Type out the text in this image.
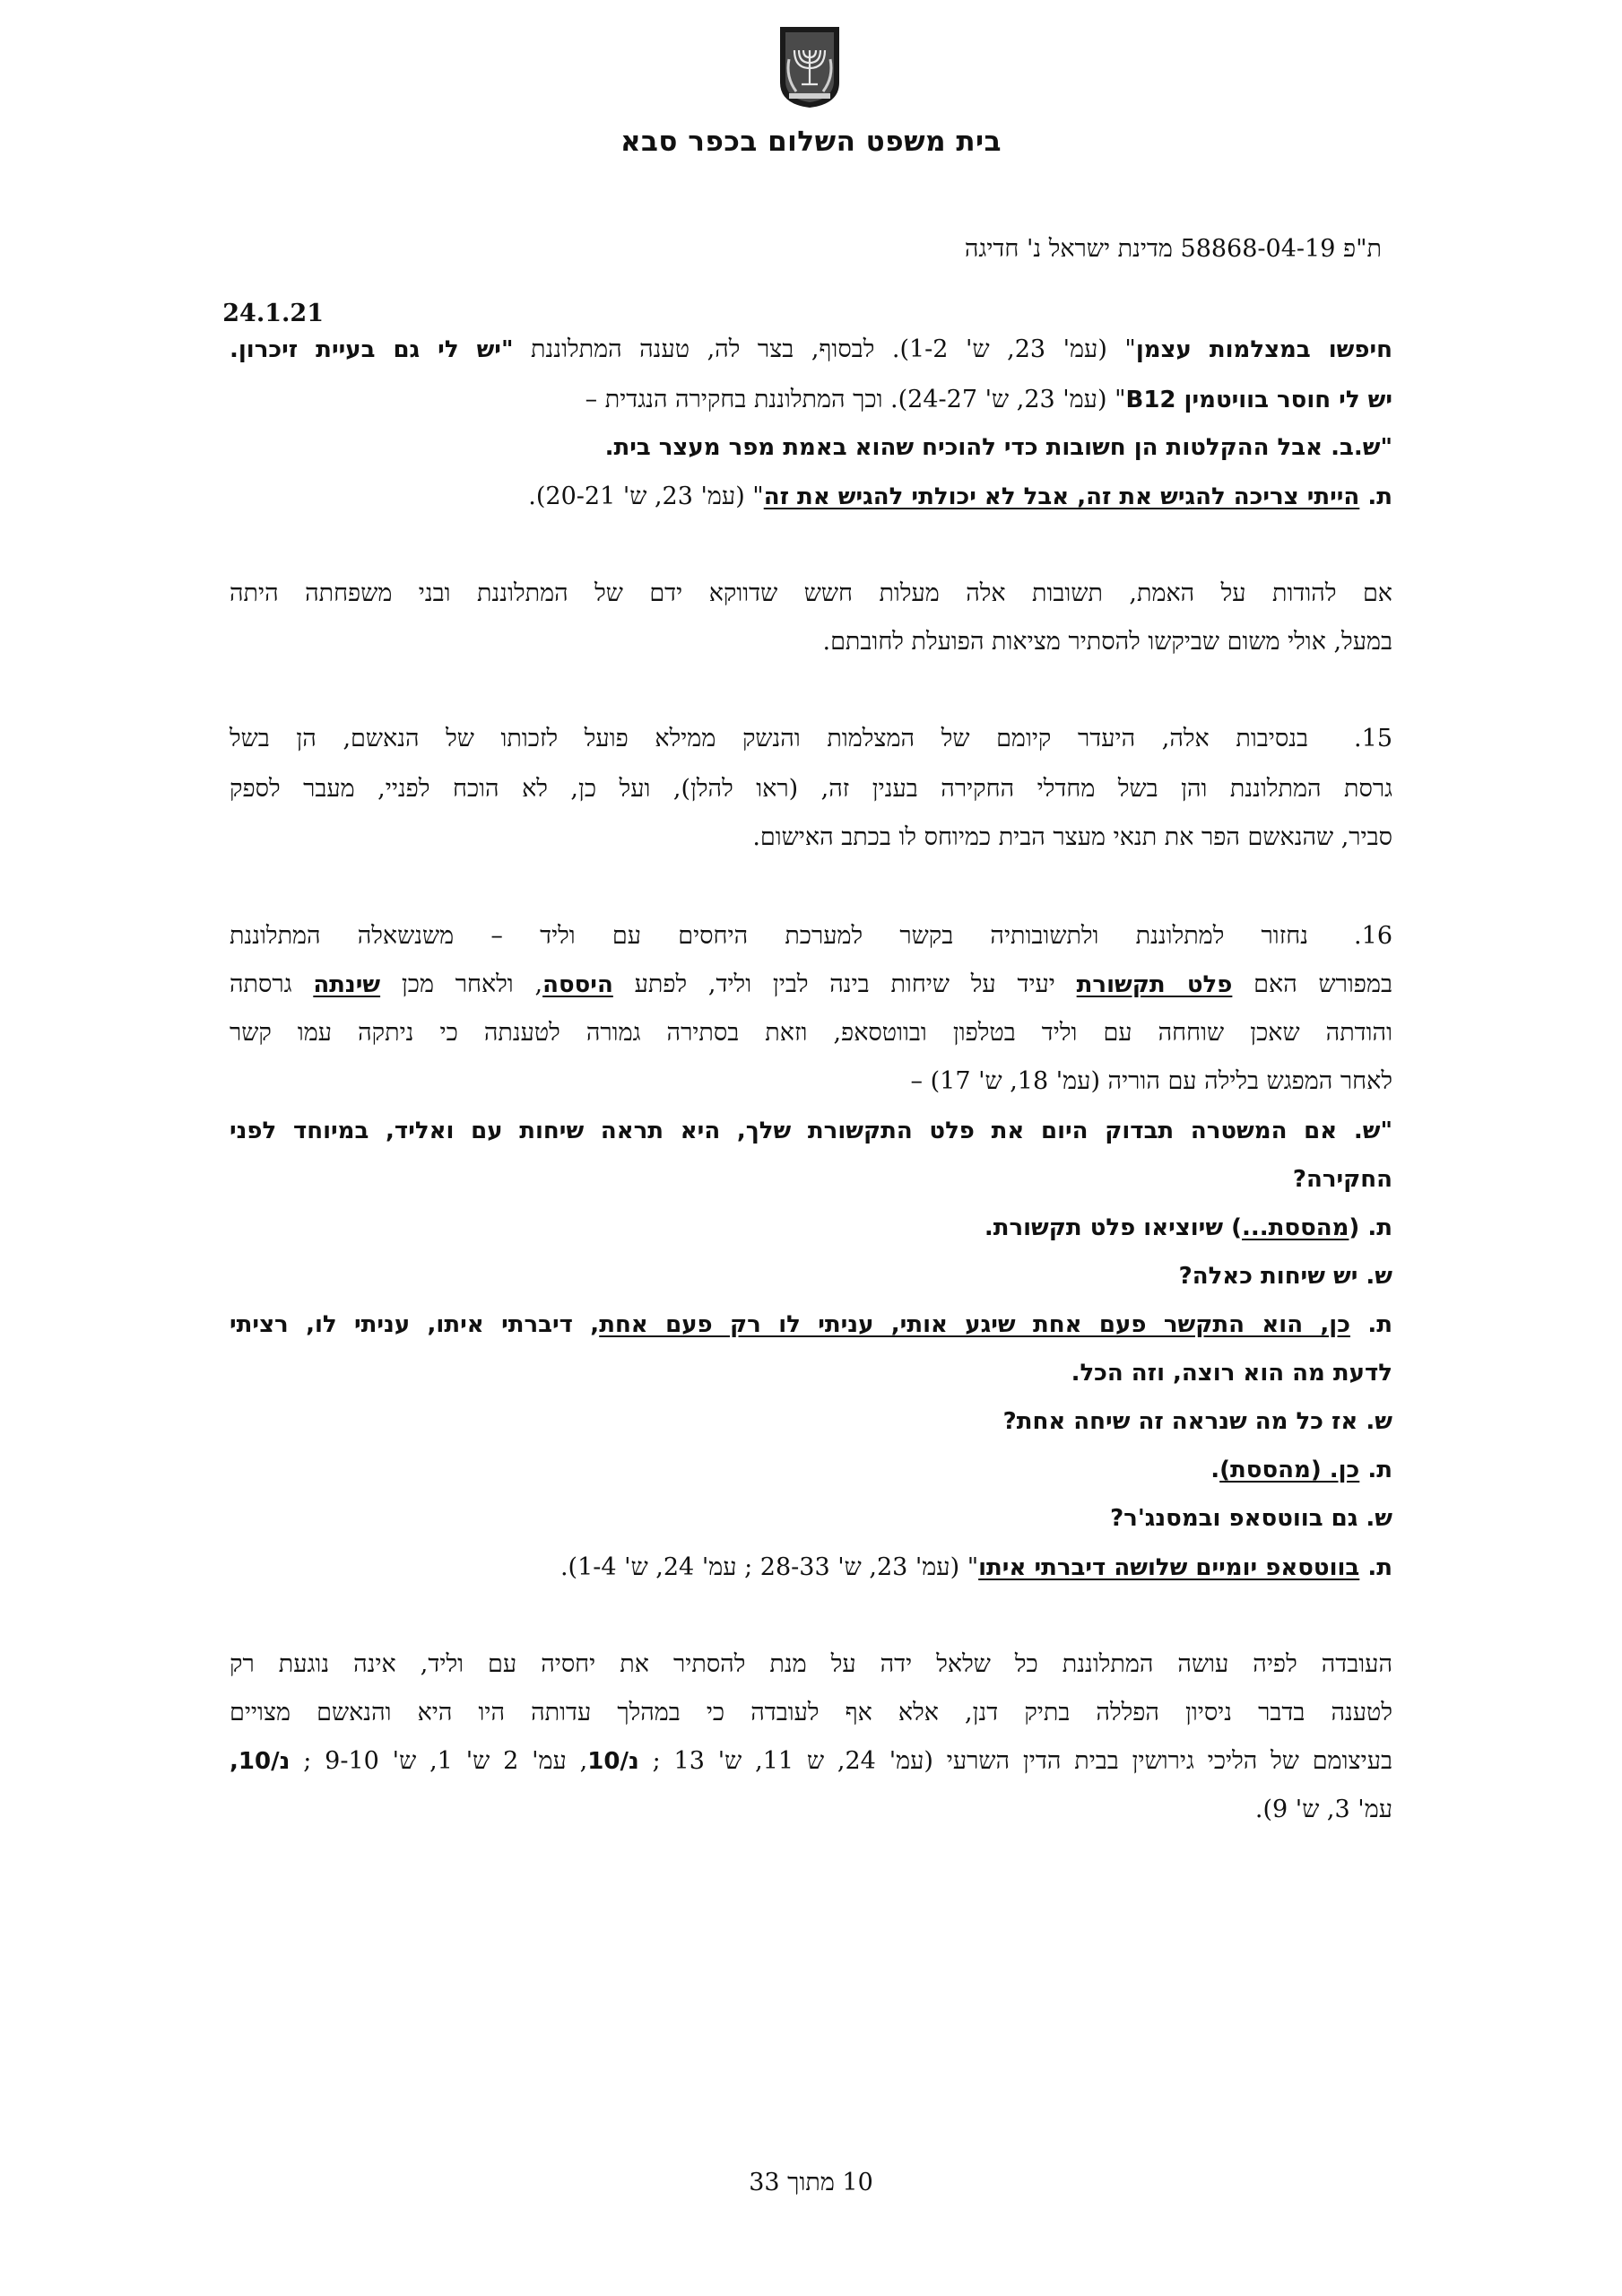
בית משפט השלום בכפר סבא
ת"פ 58868-04-19 מדינת ישראל נ' חדיגה
24.1.21
חיפשו במצלמות עצמן" (עמ' 23, ש' 1-2). לבסוף, בצר לה, טענה המתלוננת "יש לי גם בעיית זיכרון.
יש לי חוסר בוויטמין B12" (עמ' 23, ש' 24-27). וכך המתלוננת בחקירה הנגדית –
"ש.ב. אבל ההקלטות הן חשובות כדי להוכיח שהוא באמת מפר מעצר בית.
ת. הייתי צריכה להגיש את זה, אבל לא יכולתי להגיש את זה" (עמ' 23, ש' 20-21).
אם להודות על האמת, תשובות אלה מעלות חשש שדווקא ידם של המתלוננת ובני משפחתה היתה
במעל, אולי משום שביקשו להסתיר מציאות הפועלת לחובתם.
15.
בנסיבות אלה, היעדר קיומם של המצלמות והנשק ממילא פועל לזכותו של הנאשם, הן בשל
גרסת המתלוננת והן בשל מחדלי החקירה בענין זה, (ראו להלן), ועל כן, לא הוכח לפניי, מעבר לספק
סביר, שהנאשם הפר את תנאי מעצר הבית כמיוחס לו בכתב האישום.
16.
נחזור למתלוננת ולתשובותיה בקשר למערכת היחסים עם וליד – משנשאלה המתלוננת
במפורש האם פלט תקשורת יעיד על שיחות בינה לבין וליד, לפתע היססה, ולאחר מכן שינתה גרסתה
והודתה שאכן שוחחה עם וליד בטלפון ובווטסאפ, וזאת בסתירה גמורה לטענתה כי ניתקה עמו קשר
לאחר המפגש בלילה עם הוריה (עמ' 18, ש' 17) –
"ש. אם המשטרה תבדוק היום את פלט התקשורת שלך, היא תראה שיחות עם ואליד, במיוחד לפני
החקירה?
ת. (מהססת...) שיוציאו פלט תקשורת.
ש. יש שיחות כאלה?
ת. כן, הוא התקשר פעם אחת שיגע אותי, עניתי לו רק פעם אחת, דיברתי איתו, עניתי לו, רציתי
לדעת מה הוא רוצה, וזה הכל.
ש. אז כל מה שנראה זה שיחה אחת?
ת. כן. (מהססת).
ש. גם בווטסאפ ובמסנג'ר?
ת. בווטסאפ יומיים שלושה דיברתי איתו" (עמ' 23, ש' 28-33 ; עמ' 24, ש' 1-4).
העובדה לפיה עושה המתלוננת כל שלאל ידה על מנת להסתיר את יחסיה עם וליד, אינה נוגעת רק
לטענה בדבר ניסיון הפללה בתיק דנן, אלא אף לעובדה כי במהלך עדותה היו היא והנאשם מצויים
בעיצומם של הליכי גירושין בבית הדין השרעי (עמ' 24, ש 11, ש' 13 ; נ/10, עמ' 2 ש' 1, ש' 9-10 ; נ/10,
עמ' 3, ש' 9).
10 מתוך 33
